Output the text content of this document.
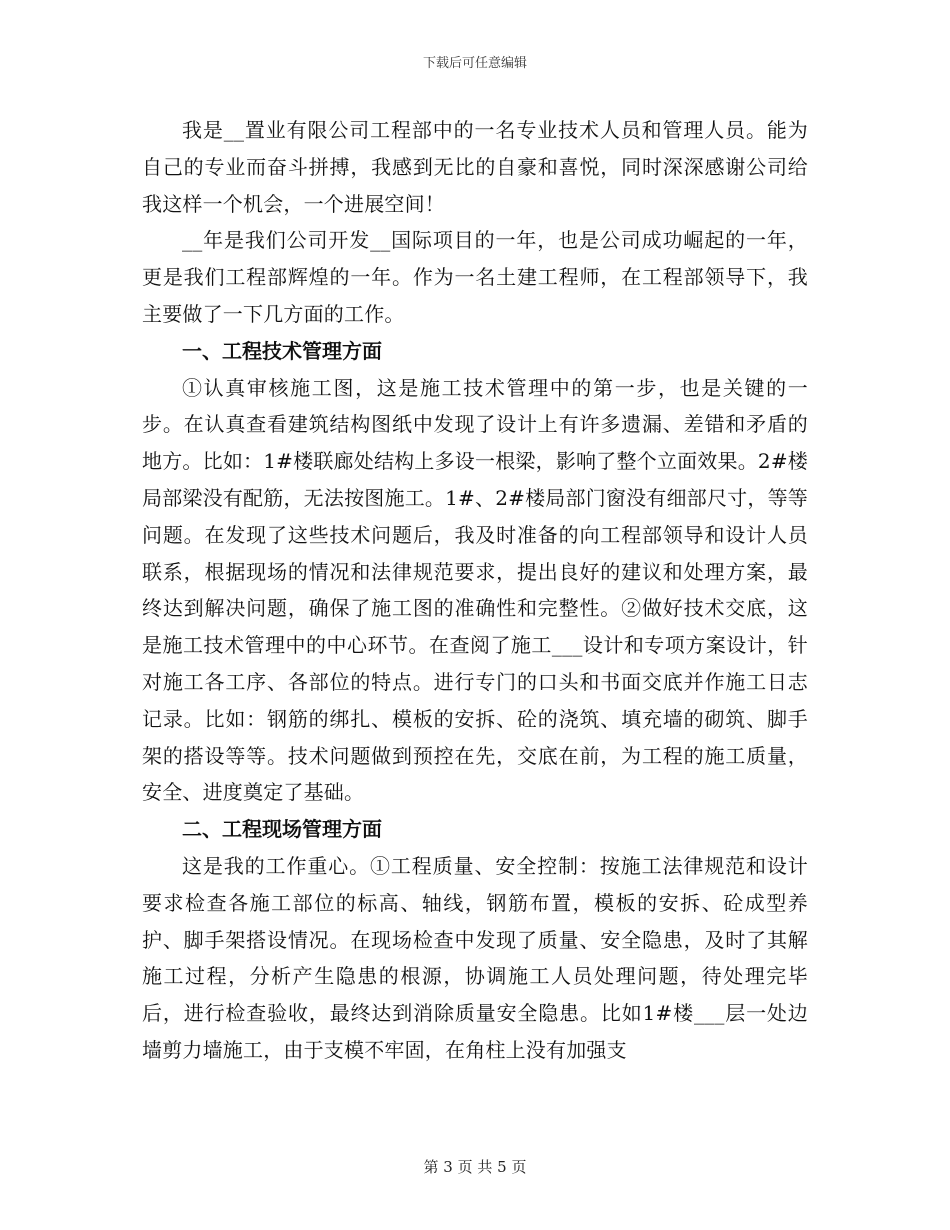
下载后可任意编辑

我是__置业有限公司工程部中的一名专业技术人员和管理人员。能为自己的专业而奋斗拼搏，我感到无比的自豪和喜悦，同时深深感谢公司给我这样一个机会，一个进展空间！

__年是我们公司开发__国际项目的一年，也是公司成功崛起的一年，更是我们工程部辉煌的一年。作为一名土建工程师，在工程部领导下，我主要做了一下几方面的工作。

一、工程技术管理方面

①认真审核施工图，这是施工技术管理中的第一步，也是关键的一步。在认真查看建筑结构图纸中发现了设计上有许多遗漏、差错和矛盾的地方。比如：1#楼联廊处结构上多设一根梁，影响了整个立面效果。2#楼局部梁没有配筋，无法按图施工。1#、2#楼局部门窗没有细部尺寸，等等问题。在发现了这些技术问题后，我及时准备的向工程部领导和设计人员联系，根据现场的情况和法律规范要求，提出良好的建议和处理方案，最终达到解决问题，确保了施工图的准确性和完整性。②做好技术交底，这是施工技术管理中的中心环节。在查阅了施工___设计和专项方案设计，针对施工各工序、各部位的特点。进行专门的口头和书面交底并作施工日志记录。比如：钢筋的绑扎、模板的安拆、砼的浇筑、填充墙的砌筑、脚手架的搭设等等。技术问题做到预控在先，交底在前，为工程的施工质量，安全、进度奠定了基础。

二、工程现场管理方面

这是我的工作重心。①工程质量、安全控制：按施工法律规范和设计要求检查各施工部位的标高、轴线，钢筋布置，模板的安拆、砼成型养护、脚手架搭设情况。在现场检查中发现了质量、安全隐患，及时了其解施工过程，分析产生隐患的根源，协调施工人员处理问题，待处理完毕后，进行检查验收，最终达到消除质量安全隐患。比如1#楼___层一处边墙剪力墙施工，由于支模不牢固，在角柱上没有加强支

第 3 页 共 5 页
